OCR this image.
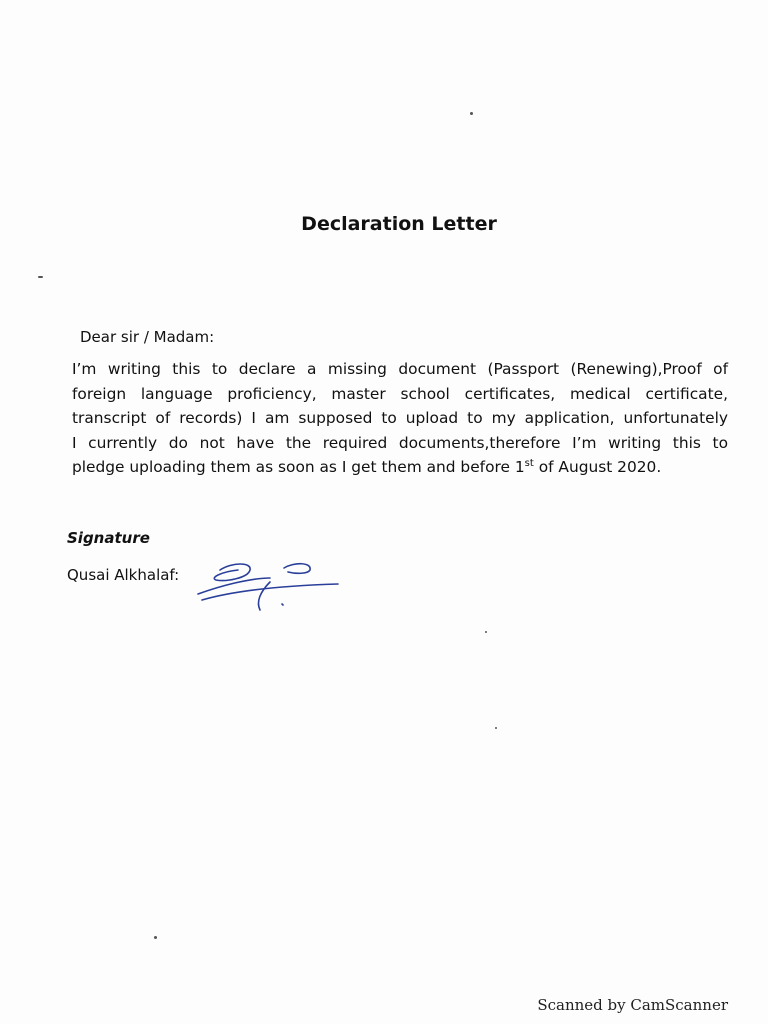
Declaration Letter

Dear sir / Madam:

I’m writing this to declare a missing document (Passport (Renewing),Proof of
foreign language proficiency, master school certificates, medical certificate,
transcript of records) I am supposed to upload to my application, unfortunately
I currently do not have the required documents,therefore I’m writing this to
pledge uploading them as soon as I get them and before 1st of August 2020.

Signature

Qusai Alkhalaf:

Scanned by CamScanner
